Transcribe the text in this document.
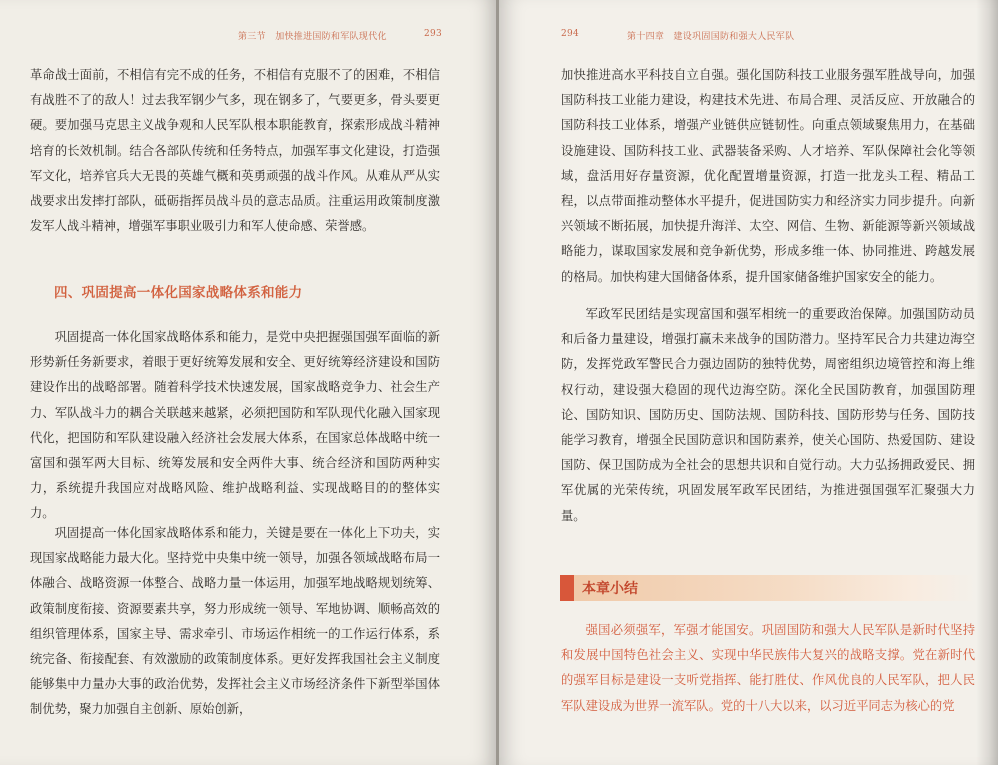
第三节　加快推进国防和军队现代化	293
革命战士面前，不相信有完不成的任务，不相信有克服不了的困难，不相信有战胜不了的敌人！过去我军钢少气多，现在钢多了，气要更多，骨头要更硬。要加强马克思主义战争观和人民军队根本职能教育，探索形成战斗精神培育的长效机制。结合各部队传统和任务特点，加强军事文化建设，打造强军文化，培养官兵大无畏的英雄气概和英勇顽强的战斗作风。从难从严从实战要求出发摔打部队，砥砺指挥员战斗员的意志品质。注重运用政策制度激发军人战斗精神，增强军事职业吸引力和军人使命感、荣誉感。
四、巩固提高一体化国家战略体系和能力
巩固提高一体化国家战略体系和能力，是党中央把握强国强军面临的新形势新任务新要求，着眼于更好统筹发展和安全、更好统筹经济建设和国防建设作出的战略部署。随着科学技术快速发展，国家战略竞争力、社会生产力、军队战斗力的耦合关联越来越紧，必须把国防和军队现代化融入国家现代化，把国防和军队建设融入经济社会发展大体系，在国家总体战略中统一富国和强军两大目标、统筹发展和安全两件大事、统合经济和国防两种实力，系统提升我国应对战略风险、维护战略利益、实现战略目的的整体实力。
巩固提高一体化国家战略体系和能力，关键是要在一体化上下功夫，实现国家战略能力最大化。坚持党中央集中统一领导，加强各领域战略布局一体融合、战略资源一体整合、战略力量一体运用，加强军地战略规划统筹、政策制度衔接、资源要素共享，努力形成统一领导、军地协调、顺畅高效的组织管理体系，国家主导、需求牵引、市场运作相统一的工作运行体系，系统完备、衔接配套、有效激励的政策制度体系。更好发挥我国社会主义制度能够集中力量办大事的政治优势，发挥社会主义市场经济条件下新型举国体制优势，聚力加强自主创新、原始创新，
294	第十四章　建设巩固国防和强大人民军队
加快推进高水平科技自立自强。强化国防科技工业服务强军胜战导向，加强国防科技工业能力建设，构建技术先进、布局合理、灵活反应、开放融合的国防科技工业体系，增强产业链供应链韧性。向重点领域聚焦用力，在基础设施建设、国防科技工业、武器装备采购、人才培养、军队保障社会化等领域，盘活用好存量资源，优化配置增量资源，打造一批龙头工程、精品工程，以点带面推动整体水平提升，促进国防实力和经济实力同步提升。向新兴领域不断拓展，加快提升海洋、太空、网信、生物、新能源等新兴领域战略能力，谋取国家发展和竞争新优势，形成多维一体、协同推进、跨越发展的格局。加快构建大国储备体系，提升国家储备维护国家安全的能力。
军政军民团结是实现富国和强军相统一的重要政治保障。加强国防动员和后备力量建设，增强打赢未来战争的国防潜力。坚持军民合力共建边海空防，发挥党政军警民合力强边固防的独特优势，周密组织边境管控和海上维权行动，建设强大稳固的现代边海空防。深化全民国防教育，加强国防理论、国防知识、国防历史、国防法规、国防科技、国防形势与任务、国防技能学习教育，增强全民国防意识和国防素养，使关心国防、热爱国防、建设国防、保卫国防成为全社会的思想共识和自觉行动。大力弘扬拥政爱民、拥军优属的光荣传统，巩固发展军政军民团结，为推进强国强军汇聚强大力量。
本章小结
强国必须强军，军强才能国安。巩固国防和强大人民军队是新时代坚持和发展中国特色社会主义、实现中华民族伟大复兴的战略支撑。党在新时代的强军目标是建设一支听党指挥、能打胜仗、作风优良的人民军队，把人民军队建设成为世界一流军队。党的十八大以来，以习近平同志为核心的党
